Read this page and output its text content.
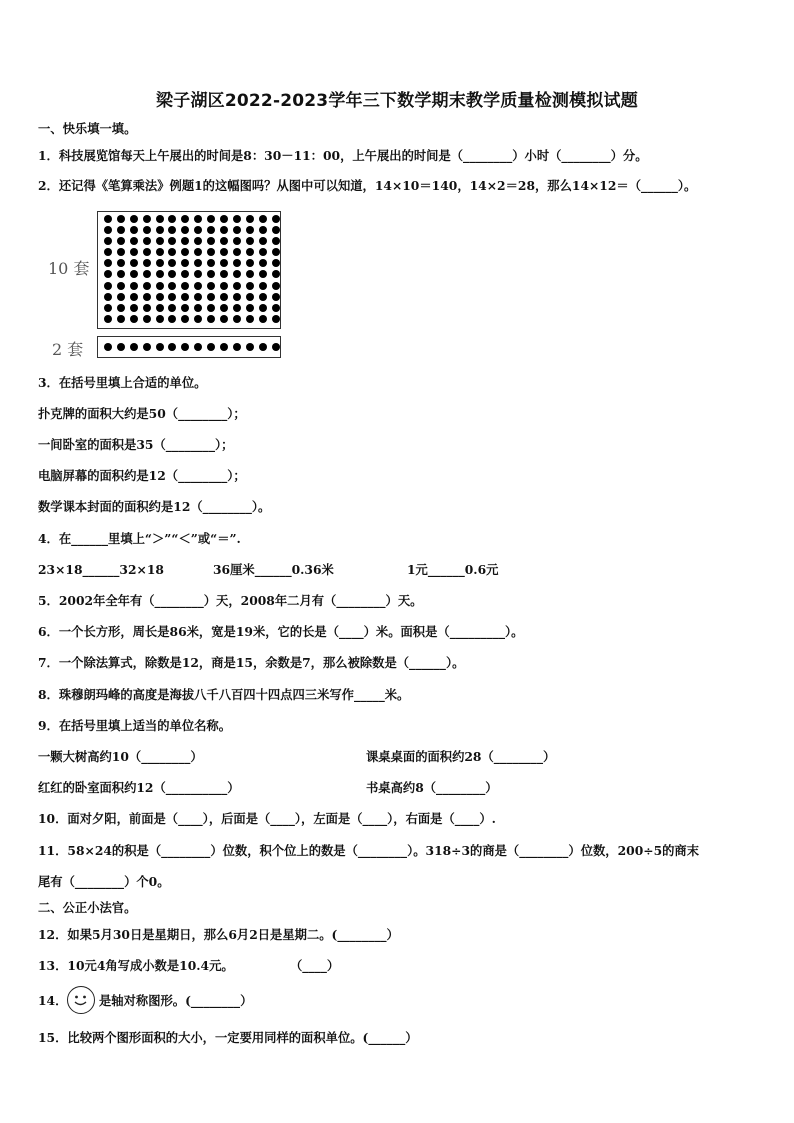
梁子湖区2022-2023学年三下数学期末教学质量检测模拟试题
一、快乐填一填。
1．科技展览馆每天上午展出的时间是8：30－11：00，上午展出的时间是（________）小时（________）分。
2．还记得《笔算乘法》例题1的这幅图吗？从图中可以知道，14×10＝140，14×2＝28，那么14×12＝（______）。
10 套
2 套
3．在括号里填上合适的单位。
扑克牌的面积大约是50（________）；
一间卧室的面积是35（________）；
电脑屏幕的面积约是12（________）；
数学课本封面的面积约是12（________）。
4．在______里填上“＞”“＜”或“＝”.
23×18______32×18	36厘米______0.36米	1元______0.6元
5．2002年全年有（________）天，2008年二月有（________）天。
6．一个长方形，周长是86米，宽是19米，它的长是（____）米。面积是（_________）。
7．一个除法算式，除数是12，商是15，余数是7，那么被除数是（______）。
8．珠穆朗玛峰的高度是海拔八千八百四十四点四三米写作_____米。
9．在括号里填上适当的单位名称。
一颗大树高约10（________）	课桌桌面的面积约28（________）
红红的卧室面积约12（__________）	书桌高约8（________）
10．面对夕阳，前面是（____），后面是（____），左面是（____），右面是（____）.
11．58×24的积是（________）位数，积个位上的数是（________）。318÷3的商是（________）位数，200÷5的商末
尾有（________）个0。
二、公正小法官。
12．如果5月30日是星期日，那么6月2日是星期二。(________）
13．10元4角写成小数是10.4元。	（____）
14．	是轴对称图形。(________）
15．比较两个图形面积的大小，一定要用同样的面积单位。(______）
